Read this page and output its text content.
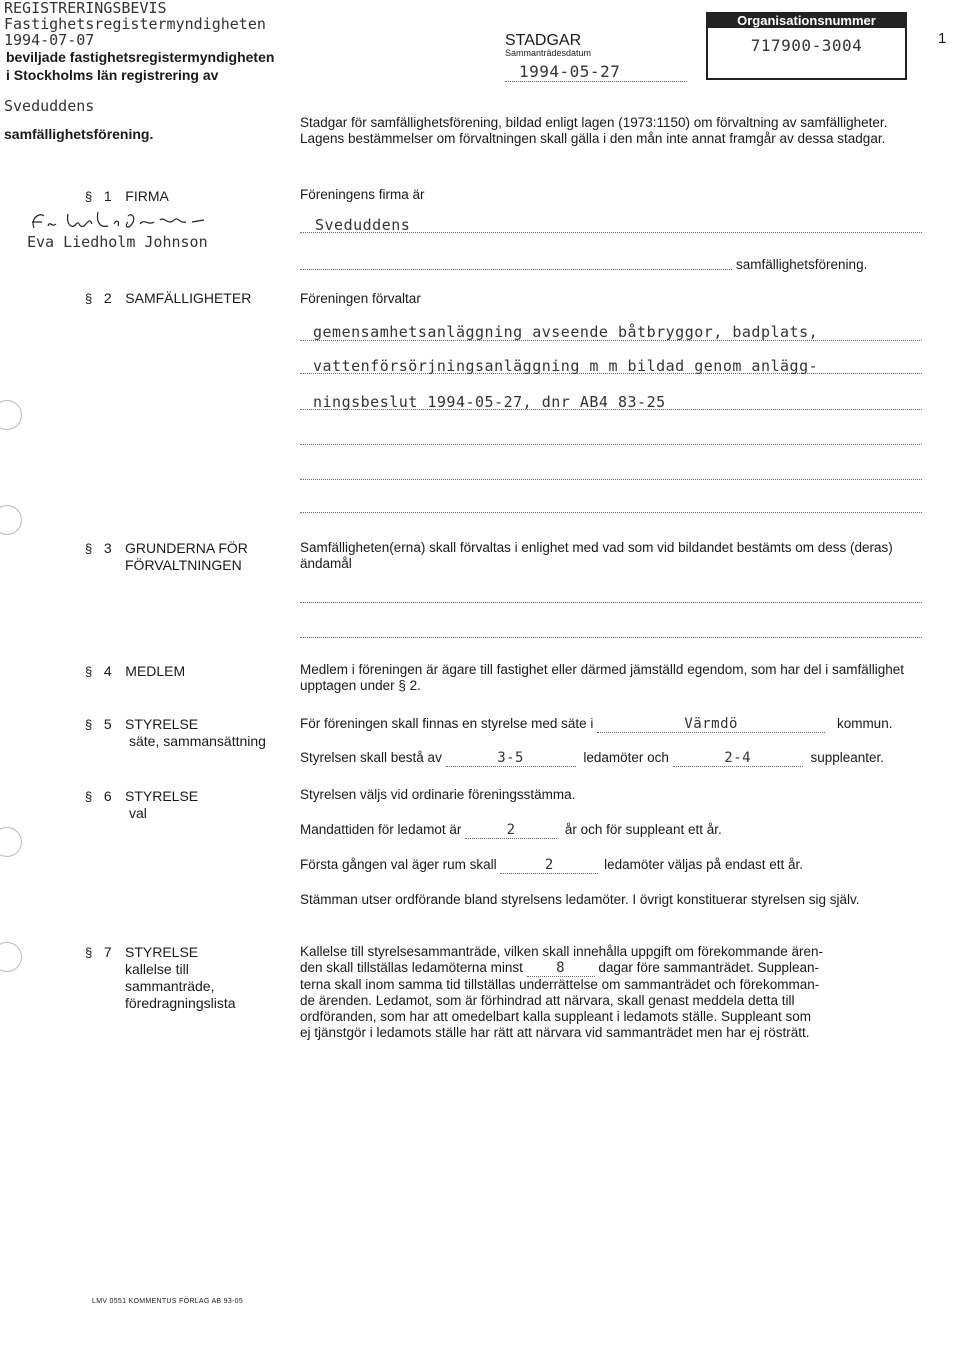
1
REGISTRERINGSBEVIS
Fastighetsregistermyndigheten
1994-07-07
beviljade fastighetsregistermyndigheten
i Stockholms län registrering av
Sveduddens
samfällighetsförening.
STADGAR
Sammanträdesdatum
1994-05-27
Organisationsnummer
717900-3004
Stadgar för samfällighetsförening, bildad enligt lagen (1973:1150) om förvaltning av samfälligheter. Lagens bestämmelser om förvaltningen skall gälla i den mån inte annat framgår av dessa stadgar.
Eva Liedholm Johnson
§ 1 FIRMA	Föreningens firma är
Sveduddens
samfällighetsförening.
§ 2 SAMFÄLLIGHETER	Föreningen förvaltar
gemensamhetsanläggning avseende båtbryggor, badplats,
vattenförsörjningsanläggning m m bildad genom anlägg-
ningsbeslut 1994-05-27, dnr AB4 83-25
§ 3 GRUNDERNA FÖR
FÖRVALTNINGEN
Samfälligheten(erna) skall förvaltas i enlighet med vad som vid bildandet bestämts om dess (deras) ändamål
§ 4 MEDLEM	Medlem i föreningen är ägare till fastighet eller därmed jämställd egendom, som har del i samfällighet upptagen under § 2.
§ 5 STYRELSE
säte, sammansättning
För föreningen skall finnas en styrelse med säte i	Värmdö	kommun.
Styrelsen skall bestå av	3-5	ledamöter och	2-4	suppleanter.
§ 6 STYRELSE
val
Styrelsen väljs vid ordinarie föreningsstämma.
Mandattiden för ledamot är	2	år och för suppleant ett år.
Första gången val äger rum skall	2	ledamöter väljas på endast ett år.
Stämman utser ordförande bland styrelsens ledamöter. I övrigt konstituerar styrelsen sig själv.
§ 7 STYRELSE
kallelse till
sammanträde,
föredragningslista
Kallelse till styrelsesammanträde, vilken skall innehålla uppgift om förekommande ären-
den skall tillställas ledamöterna minst 8 dagar före sammanträdet. Supplean-
terna skall inom samma tid tillställas underrättelse om sammanträdet och förekomman-
de ärenden. Ledamot, som är förhindrad att närvara, skall genast meddela detta till
ordföranden, som har att omedelbart kalla suppleant i ledamots ställe. Suppleant som
ej tjänstgör i ledamots ställe har rätt att närvara vid sammanträdet men har ej rösträtt.
LMV 0551 KOMMENTUS FÖRLAG AB 93-05
